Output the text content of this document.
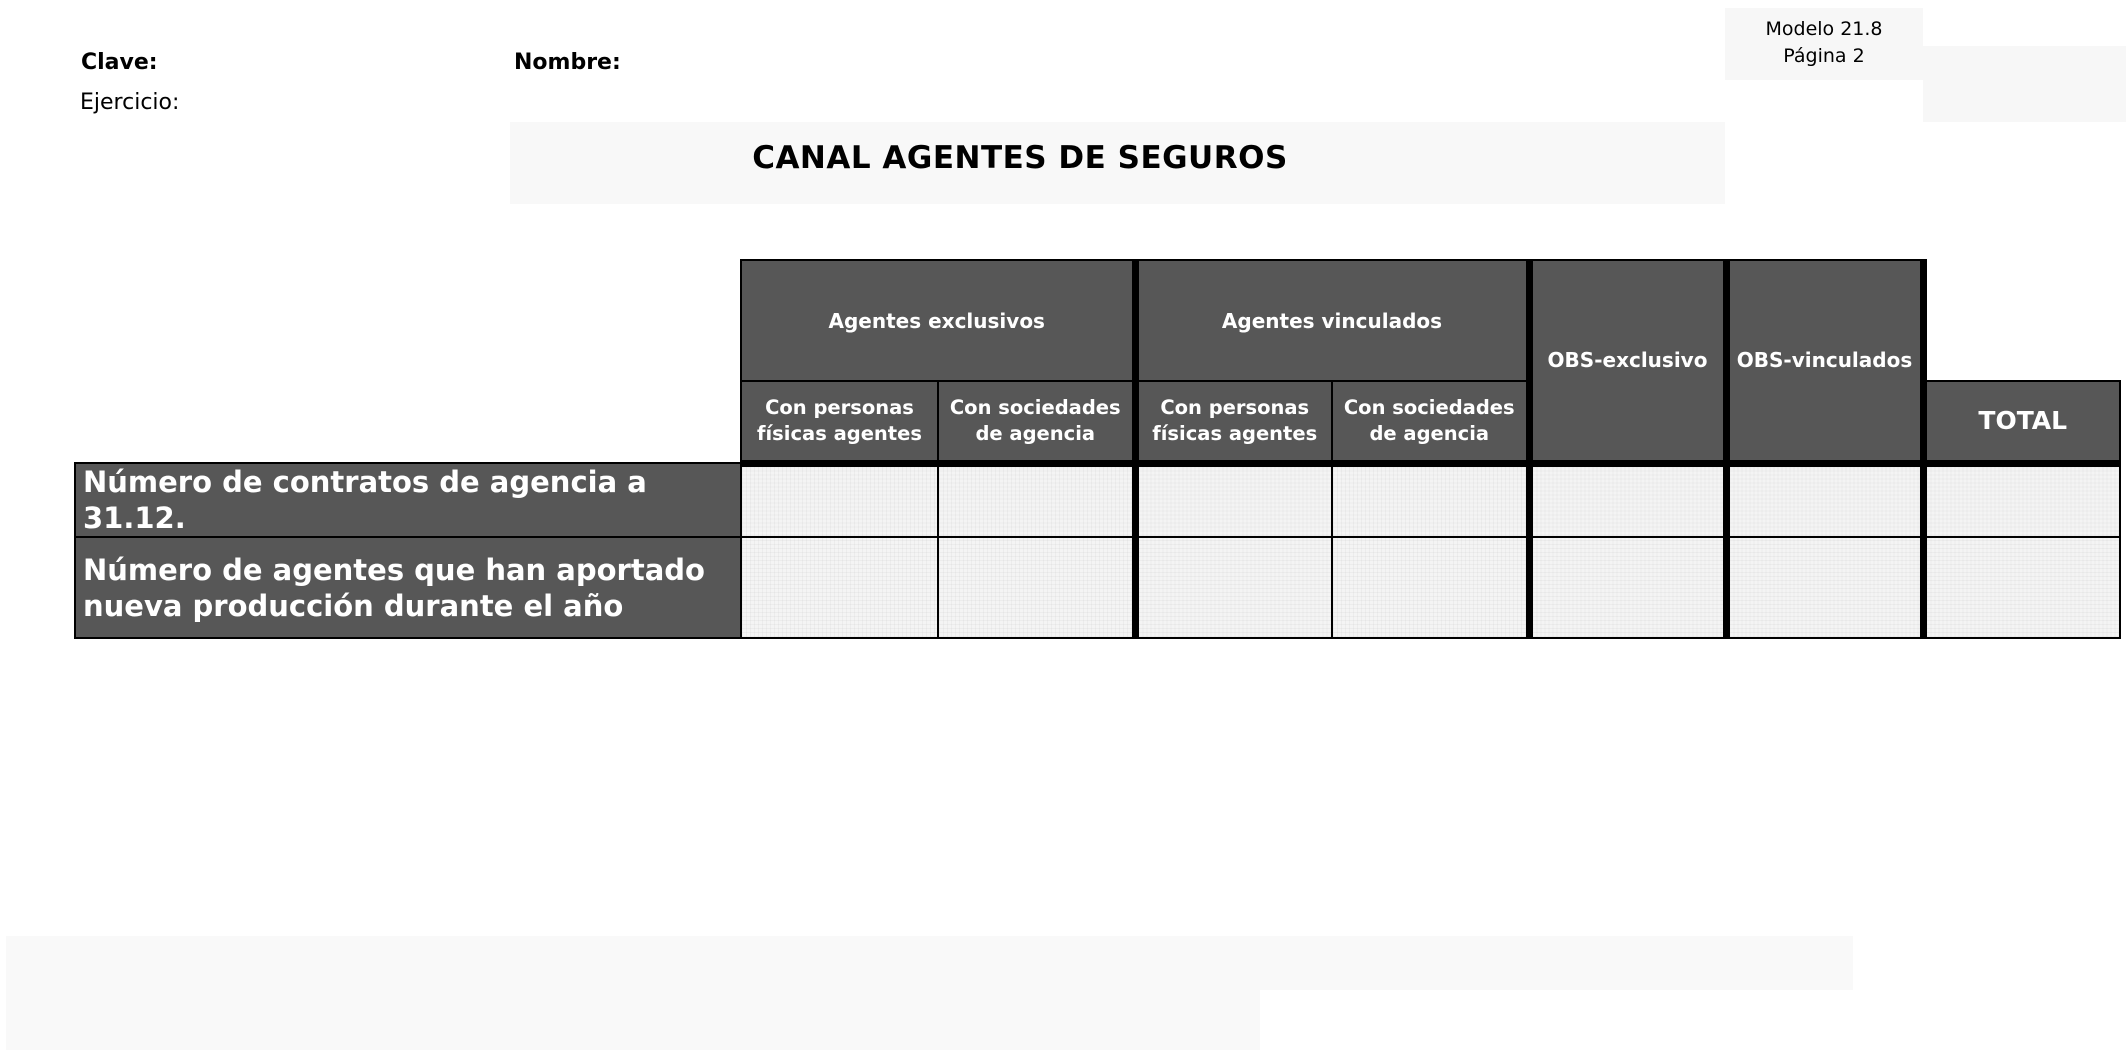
Clave:	Nombre:
Ejercicio:
Modelo 21.8
Página 2
CANAL AGENTES DE SEGUROS
	Agentes exclusivos		Agentes vinculados		OBS-exclusivo	OBS-vinculados	
	Con personas físicas agentes	Con sociedades de agencia	Con personas físicas agentes	Con sociedades de agencia			TOTAL
Número de contratos de agencia a 31.12.							
Número de agentes que han aportado nueva producción durante el año							
